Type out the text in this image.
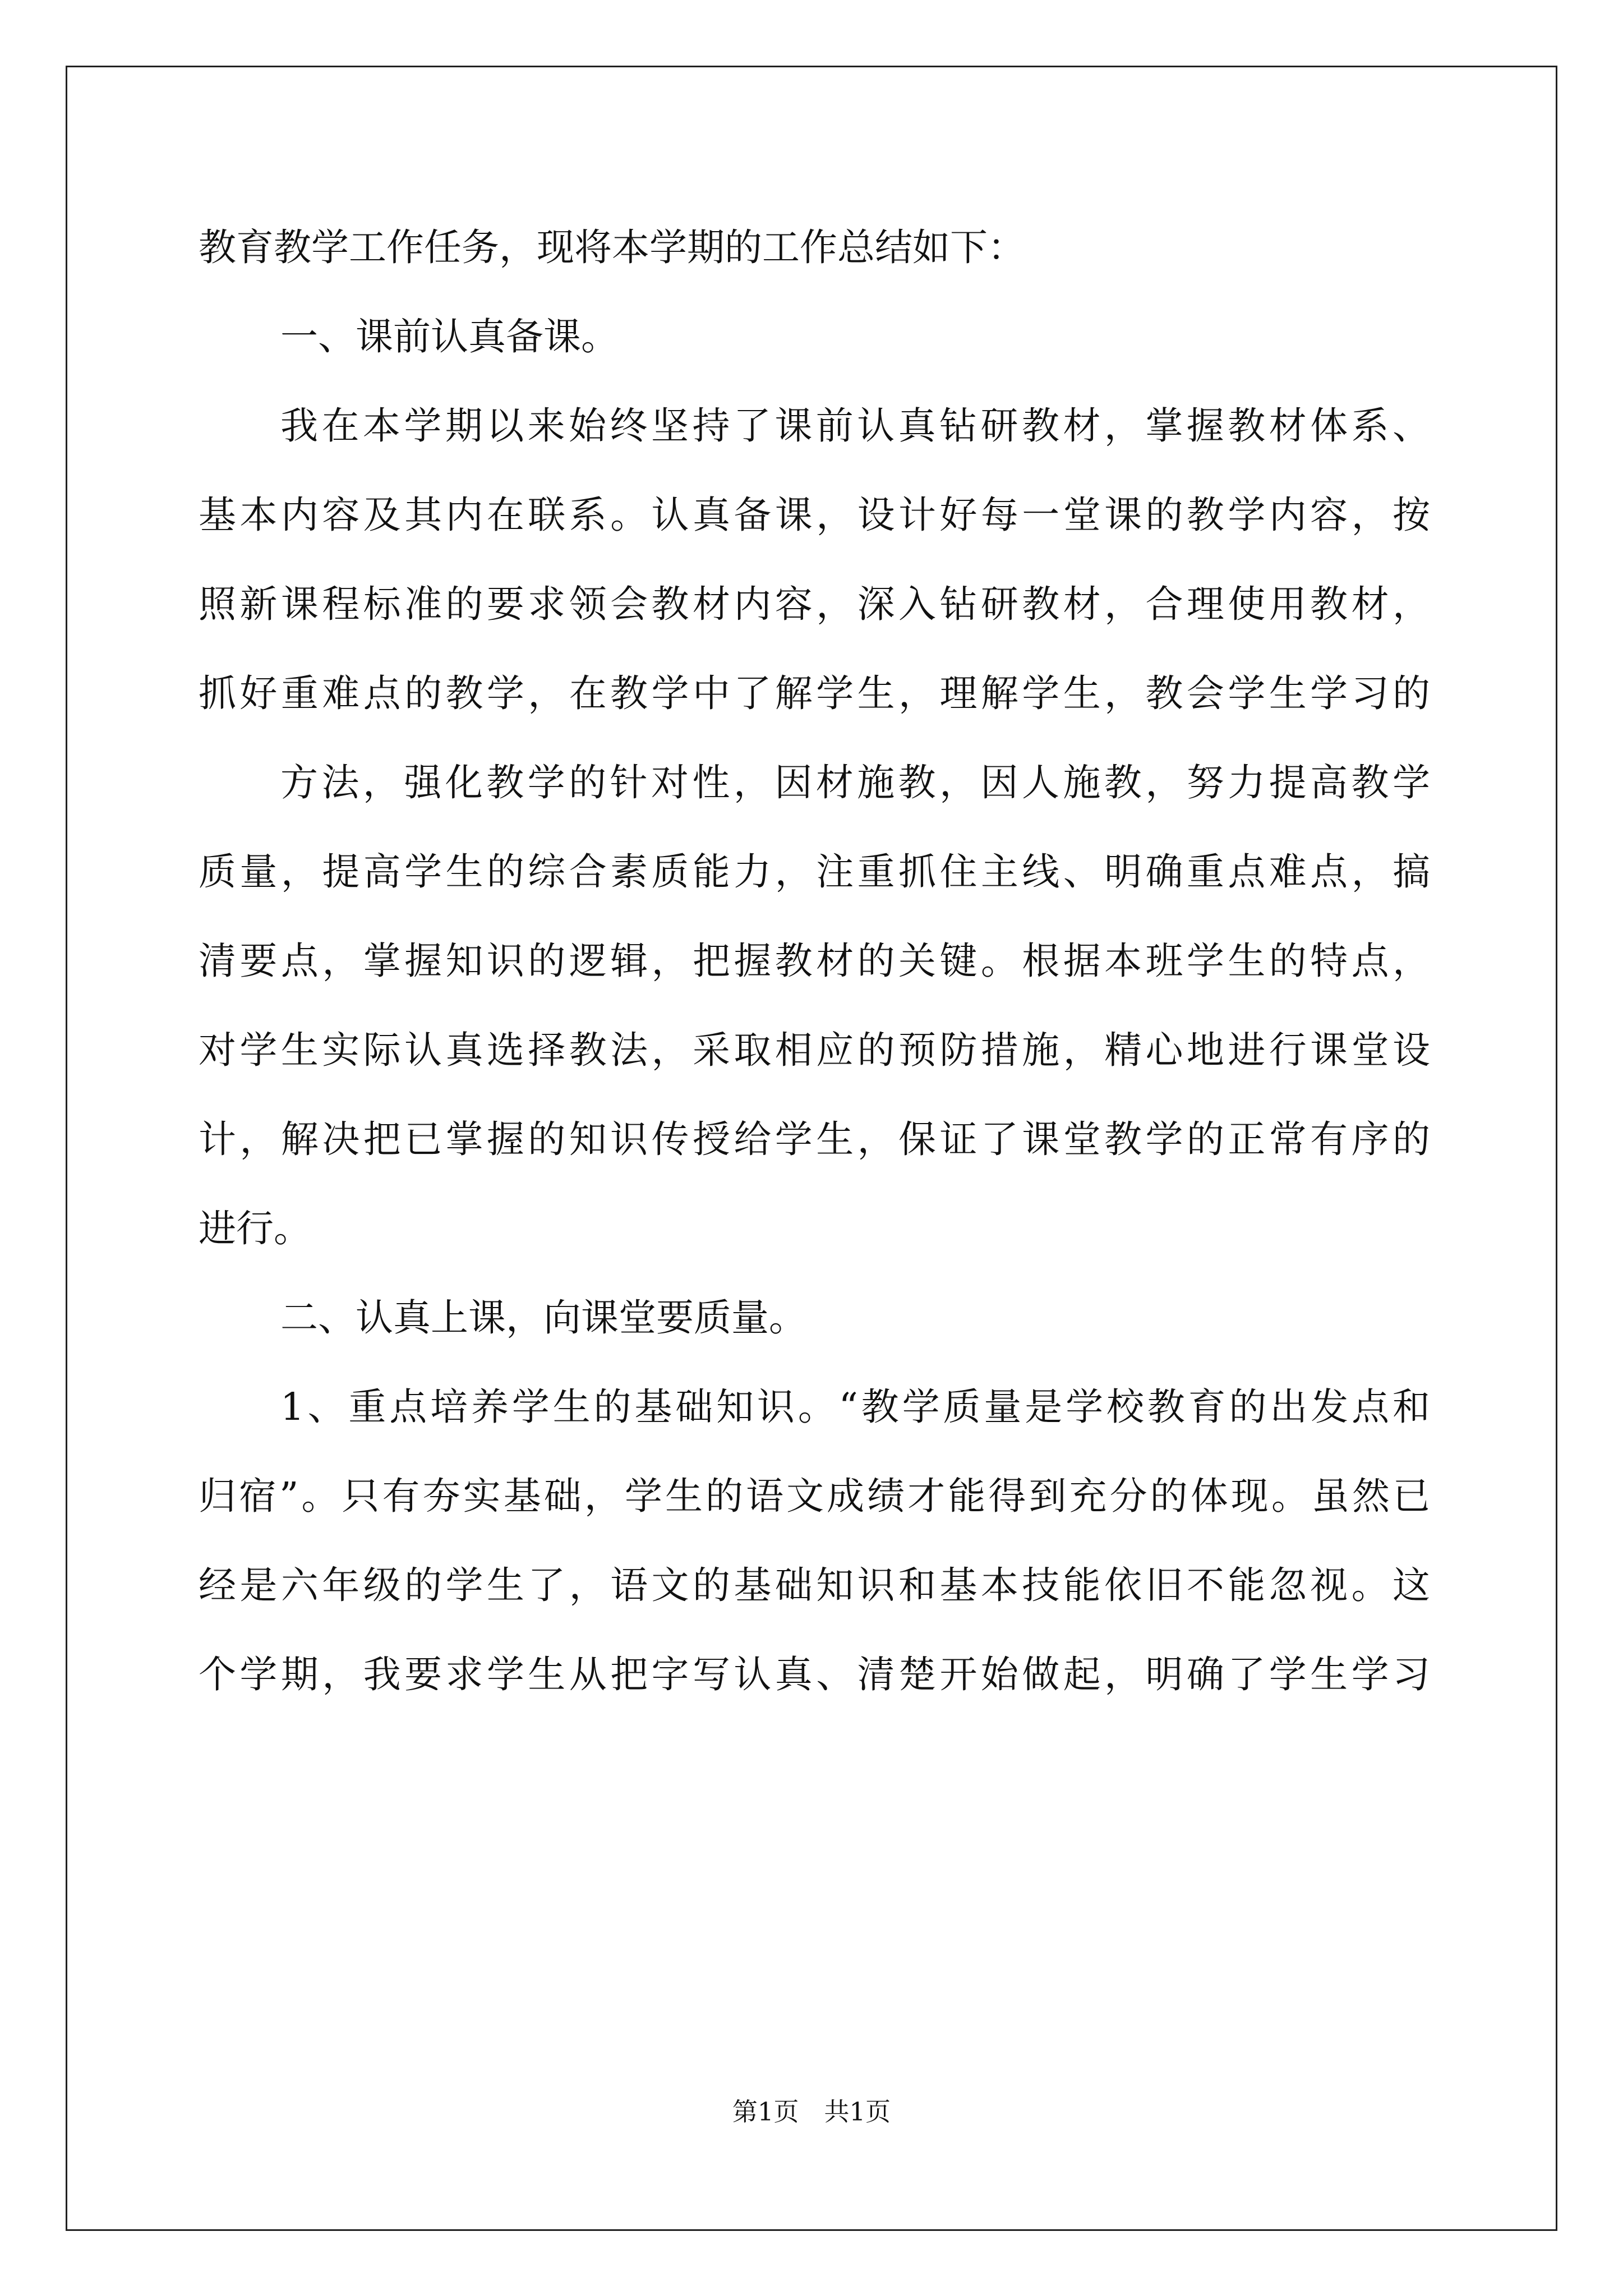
教育教学工作任务，现将本学期的工作总结如下：
一、课前认真备课。
我在本学期以来始终坚持了课前认真钻研教材，掌握教材体系、
基本内容及其内在联系。认真备课，设计好每一堂课的教学内容，按
照新课程标准的要求领会教材内容，深入钻研教材，合理使用教材，
抓好重难点的教学，在教学中了解学生，理解学生，教会学生学习的
方法，强化教学的针对性，因材施教，因人施教，努力提高教学
质量，提高学生的综合素质能力，注重抓住主线、明确重点难点，搞
清要点，掌握知识的逻辑，把握教材的关键。根据本班学生的特点，
对学生实际认真选择教法，采取相应的预防措施，精心地进行课堂设
计，解决把已掌握的知识传授给学生，保证了课堂教学的正常有序的
进行。
二、认真上课，向课堂要质量。
1、重点培养学生的基础知识。“教学质量是学校教育的出发点和
归宿”。只有夯实基础，学生的语文成绩才能得到充分的体现。虽然已
经是六年级的学生了，语文的基础知识和基本技能依旧不能忽视。这
个学期，我要求学生从把字写认真、清楚开始做起，明确了学生学习
第1页　共1页
